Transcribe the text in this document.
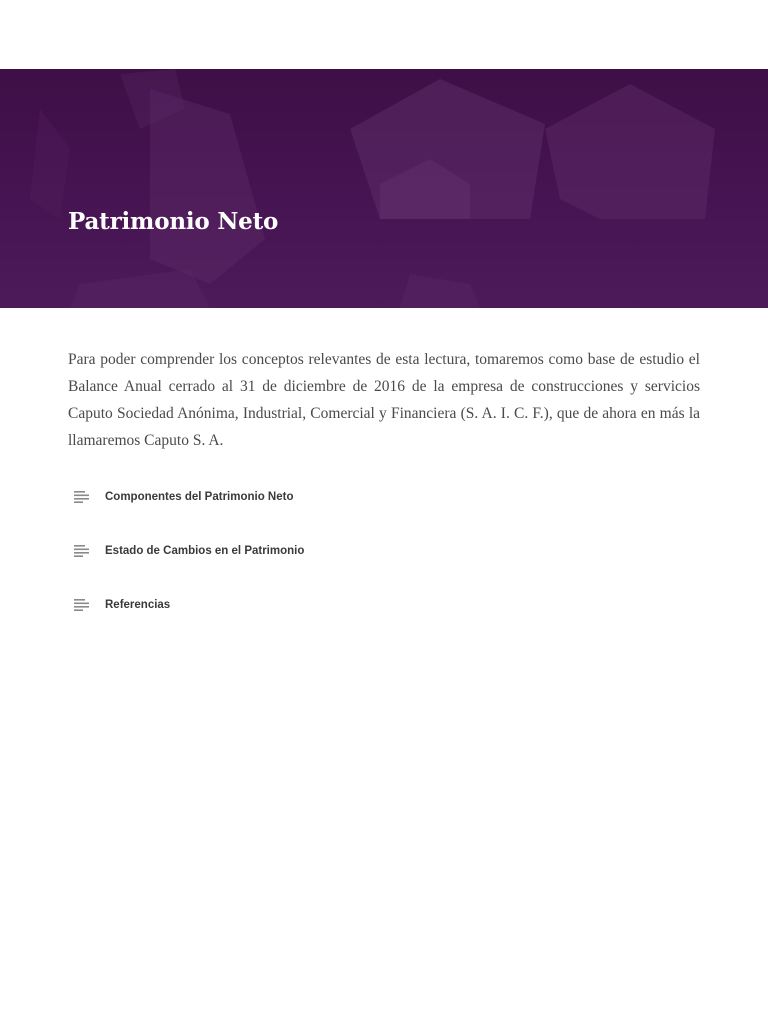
Patrimonio Neto

Para poder comprender los conceptos relevantes de esta lectura, tomaremos como base de estudio el Balance Anual cerrado al 31 de diciembre de 2016 de la empresa de construcciones y servicios Caputo Sociedad Anónima, Industrial, Comercial y Financiera (S. A. I. C. F.), que de ahora en más la llamaremos Caputo S. A.

Componentes del Patrimonio Neto
Estado de Cambios en el Patrimonio
Referencias
